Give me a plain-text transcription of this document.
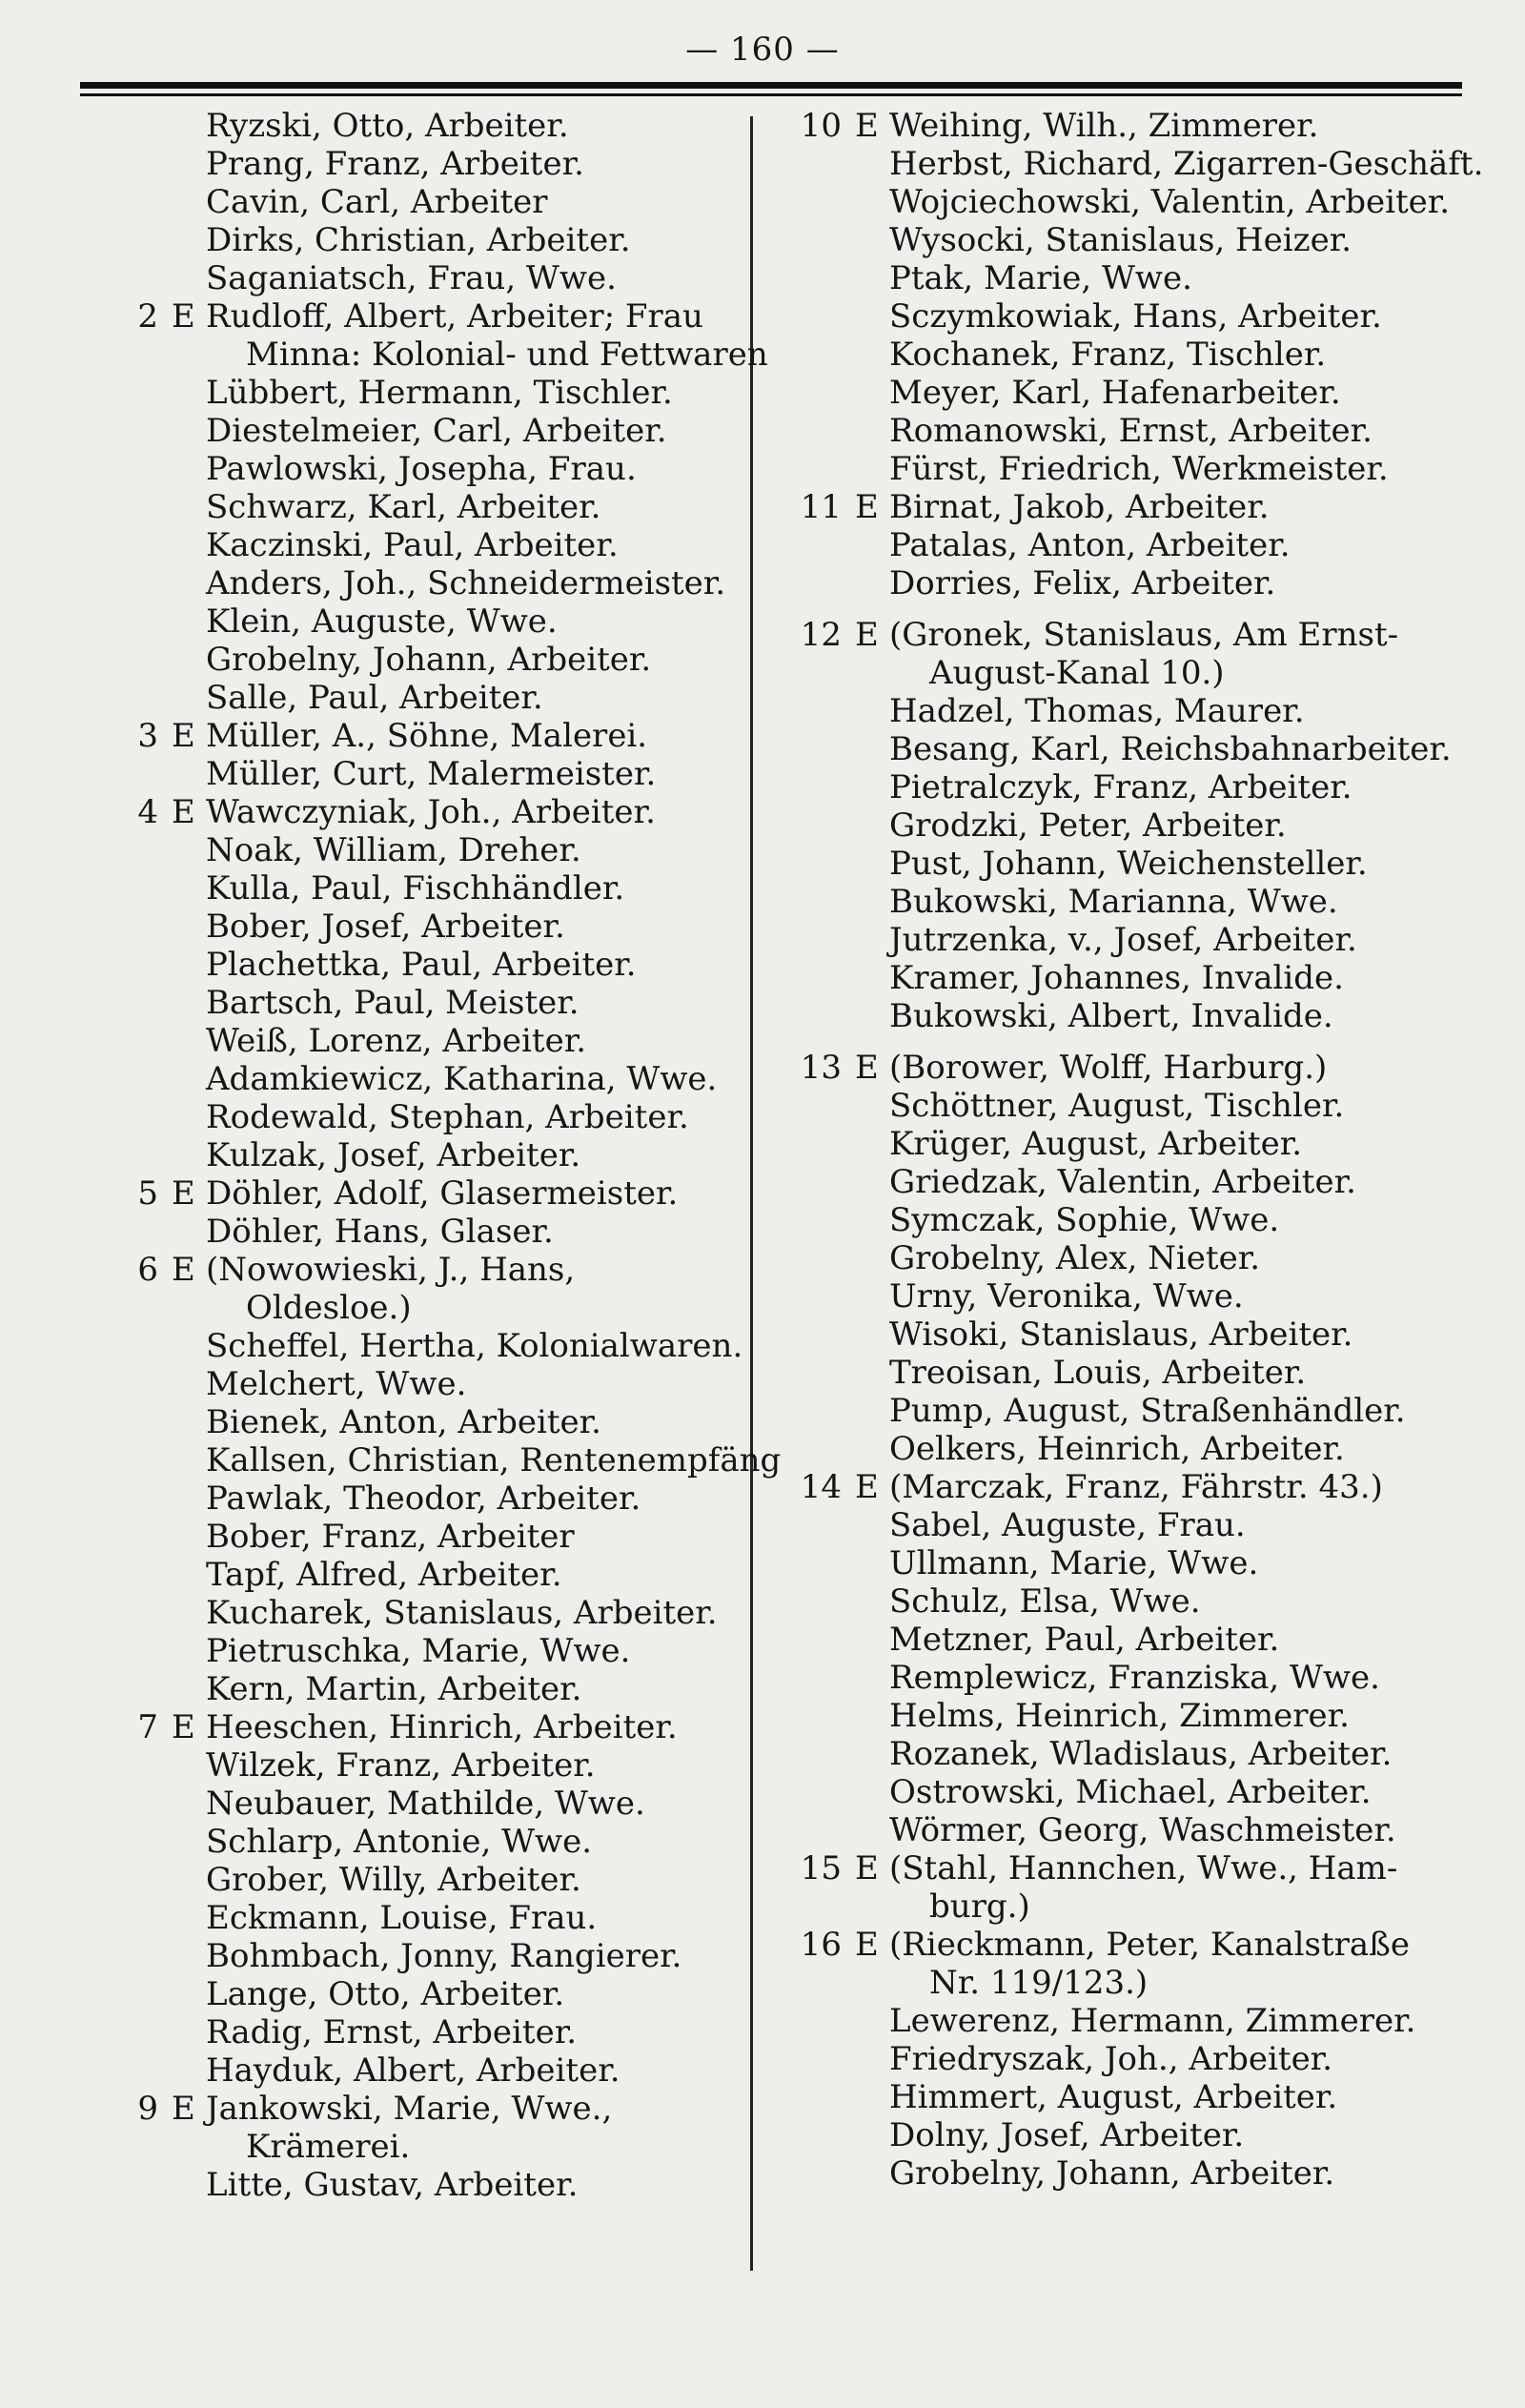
— 160 —
Ryzski, Otto, Arbeiter.
Prang, Franz, Arbeiter.
Cavin, Carl, Arbeiter
Dirks, Christian, Arbeiter.
Saganiatsch, Frau, Wwe.
2 E Rudloff, Albert, Arbeiter; Frau
Minna: Kolonial- und Fettwaren
Lübbert, Hermann, Tischler.
Diestelmeier, Carl, Arbeiter.
Pawlowski, Josepha, Frau.
Schwarz, Karl, Arbeiter.
Kaczinski, Paul, Arbeiter.
Anders, Joh., Schneidermeister.
Klein, Auguste, Wwe.
Grobelny, Johann, Arbeiter.
Salle, Paul, Arbeiter.
3 E Müller, A., Söhne, Malerei.
Müller, Curt, Malermeister.
4 E Wawczyniak, Joh., Arbeiter.
Noak, William, Dreher.
Kulla, Paul, Fischhändler.
Bober, Josef, Arbeiter.
Plachettka, Paul, Arbeiter.
Bartsch, Paul, Meister.
Weiß, Lorenz, Arbeiter.
Adamkiewicz, Katharina, Wwe.
Rodewald, Stephan, Arbeiter.
Kulzak, Josef, Arbeiter.
5 E Döhler, Adolf, Glasermeister.
Döhler, Hans, Glaser.
6 E (Nowowieski, J., Hans,
Oldesloe.)
Scheffel, Hertha, Kolonialwaren.
Melchert, Wwe.
Bienek, Anton, Arbeiter.
Kallsen, Christian, Rentenempfäng
Pawlak, Theodor, Arbeiter.
Bober, Franz, Arbeiter
Tapf, Alfred, Arbeiter.
Kucharek, Stanislaus, Arbeiter.
Pietruschka, Marie, Wwe.
Kern, Martin, Arbeiter.
7 E Heeschen, Hinrich, Arbeiter.
Wilzek, Franz, Arbeiter.
Neubauer, Mathilde, Wwe.
Schlarp, Antonie, Wwe.
Grober, Willy, Arbeiter.
Eckmann, Louise, Frau.
Bohmbach, Jonny, Rangierer.
Lange, Otto, Arbeiter.
Radig, Ernst, Arbeiter.
Hayduk, Albert, Arbeiter.
9 E Jankowski, Marie, Wwe.,
Krämerei.
Litte, Gustav, Arbeiter.
10 E Weihing, Wilh., Zimmerer.
Herbst, Richard, Zigarren-Geschäft.
Wojciechowski, Valentin, Arbeiter.
Wysocki, Stanislaus, Heizer.
Ptak, Marie, Wwe.
Sczymkowiak, Hans, Arbeiter.
Kochanek, Franz, Tischler.
Meyer, Karl, Hafenarbeiter.
Romanowski, Ernst, Arbeiter.
Fürst, Friedrich, Werkmeister.
11 E Birnat, Jakob, Arbeiter.
Patalas, Anton, Arbeiter.
Dorries, Felix, Arbeiter.
12 E (Gronek, Stanislaus, Am Ernst-
August-Kanal 10.)
Hadzel, Thomas, Maurer.
Besang, Karl, Reichsbahnarbeiter.
Pietralczyk, Franz, Arbeiter.
Grodzki, Peter, Arbeiter.
Pust, Johann, Weichensteller.
Bukowski, Marianna, Wwe.
Jutrzenka, v., Josef, Arbeiter.
Kramer, Johannes, Invalide.
Bukowski, Albert, Invalide.
13 E (Borower, Wolff, Harburg.)
Schöttner, August, Tischler.
Krüger, August, Arbeiter.
Griedzak, Valentin, Arbeiter.
Symczak, Sophie, Wwe.
Grobelny, Alex, Nieter.
Urny, Veronika, Wwe.
Wisoki, Stanislaus, Arbeiter.
Treoisan, Louis, Arbeiter.
Pump, August, Straßenhändler.
Oelkers, Heinrich, Arbeiter.
14 E (Marczak, Franz, Fährstr. 43.)
Sabel, Auguste, Frau.
Ullmann, Marie, Wwe.
Schulz, Elsa, Wwe.
Metzner, Paul, Arbeiter.
Remplewicz, Franziska, Wwe.
Helms, Heinrich, Zimmerer.
Rozanek, Wladislaus, Arbeiter.
Ostrowski, Michael, Arbeiter.
Wörmer, Georg, Waschmeister.
15 E (Stahl, Hannchen, Wwe., Ham-
burg.)
16 E (Rieckmann, Peter, Kanalstraße
Nr. 119/123.)
Lewerenz, Hermann, Zimmerer.
Friedryszak, Joh., Arbeiter.
Himmert, August, Arbeiter.
Dolny, Josef, Arbeiter.
Grobelny, Johann, Arbeiter.
